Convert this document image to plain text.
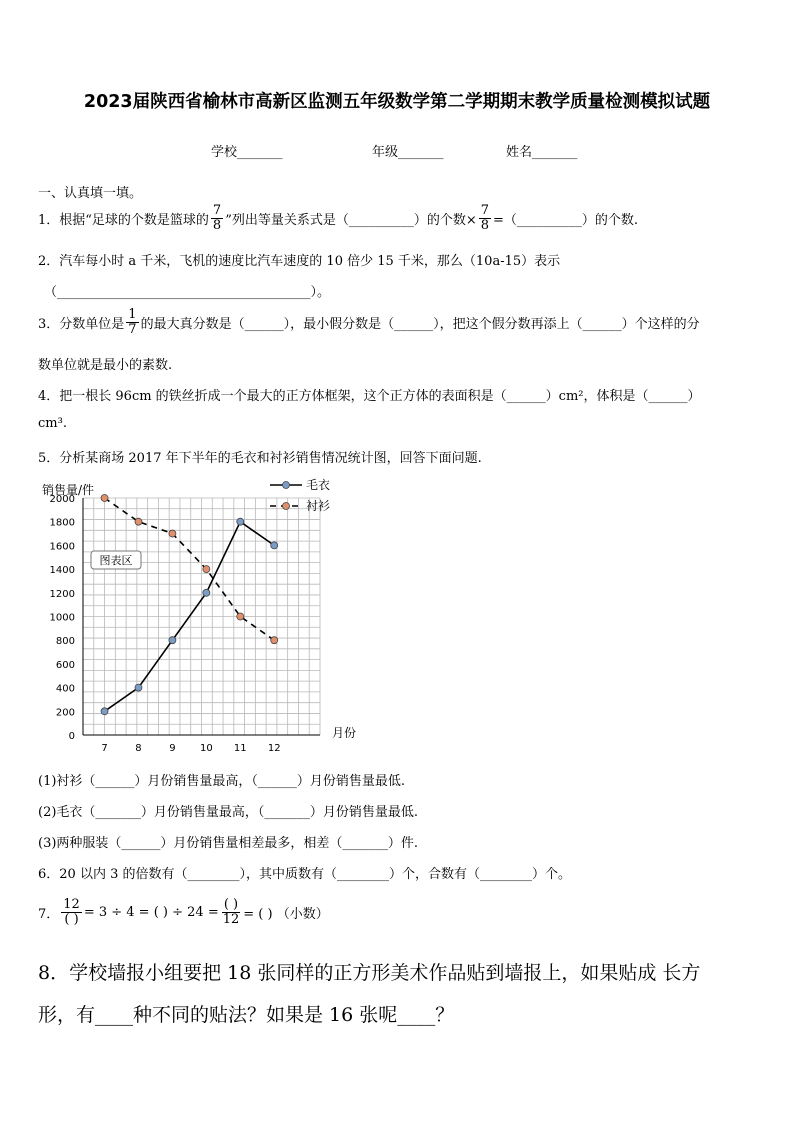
2023届陕西省榆林市高新区监测五年级数学第二学期期末教学质量检测模拟试题
学校_______	年级_______	姓名_______
一、认真填一填。
1．根据“足球的个数是篮球的 $\frac{7}{8}$ ”列出等量关系式是（__________）的个数× $\frac{7}{8}$ =（__________）的个数.
2．汽车每小时 a 千米，飞机的速度比汽车速度的 10 倍少 15 千米，那么（10a-15）表示
（_______________________________________）。
3．分数单位是 $\frac{1}{7}$ 的最大真分数是（______），最小假分数是（______），把这个假分数再添上（______）个这样的分
数单位就是最小的素数.
4．把一根长 96cm 的铁丝折成一个最大的正方体框架，这个正方体的表面积是（______）cm²，体积是（______）
cm³.
5．分析某商场 2017 年下半年的毛衣和衬衫销售情况统计图，回答下面问题.
0
200
400
600
800
1000
1200
1400
1600
1800
2000
7	8	9 10 11 12
销售量/件
月份
图表区
毛衣
衬衫
(1)衬衫（______）月份销售量最高，（______）月份销售量最低.
(2)毛衣（_______）月份销售量最高，（_______）月份销售量最低.
(3)两种服装（______）月份销售量相差最多，相差（_______）件.
6．20 以内 3 的倍数有（________），其中质数有（________）个，合数有（________）个。
7． $\frac{12}{( )} = 3 \div 4$ = ( ) ÷ $24 = \frac{( )}{12}$ = ( ) （小数）
8．学校墙报小组要把 18 张同样的正方形美术作品贴到墙报上，如果贴成 长方
形，有____种不同的贴法？如果是 16 张呢____？
